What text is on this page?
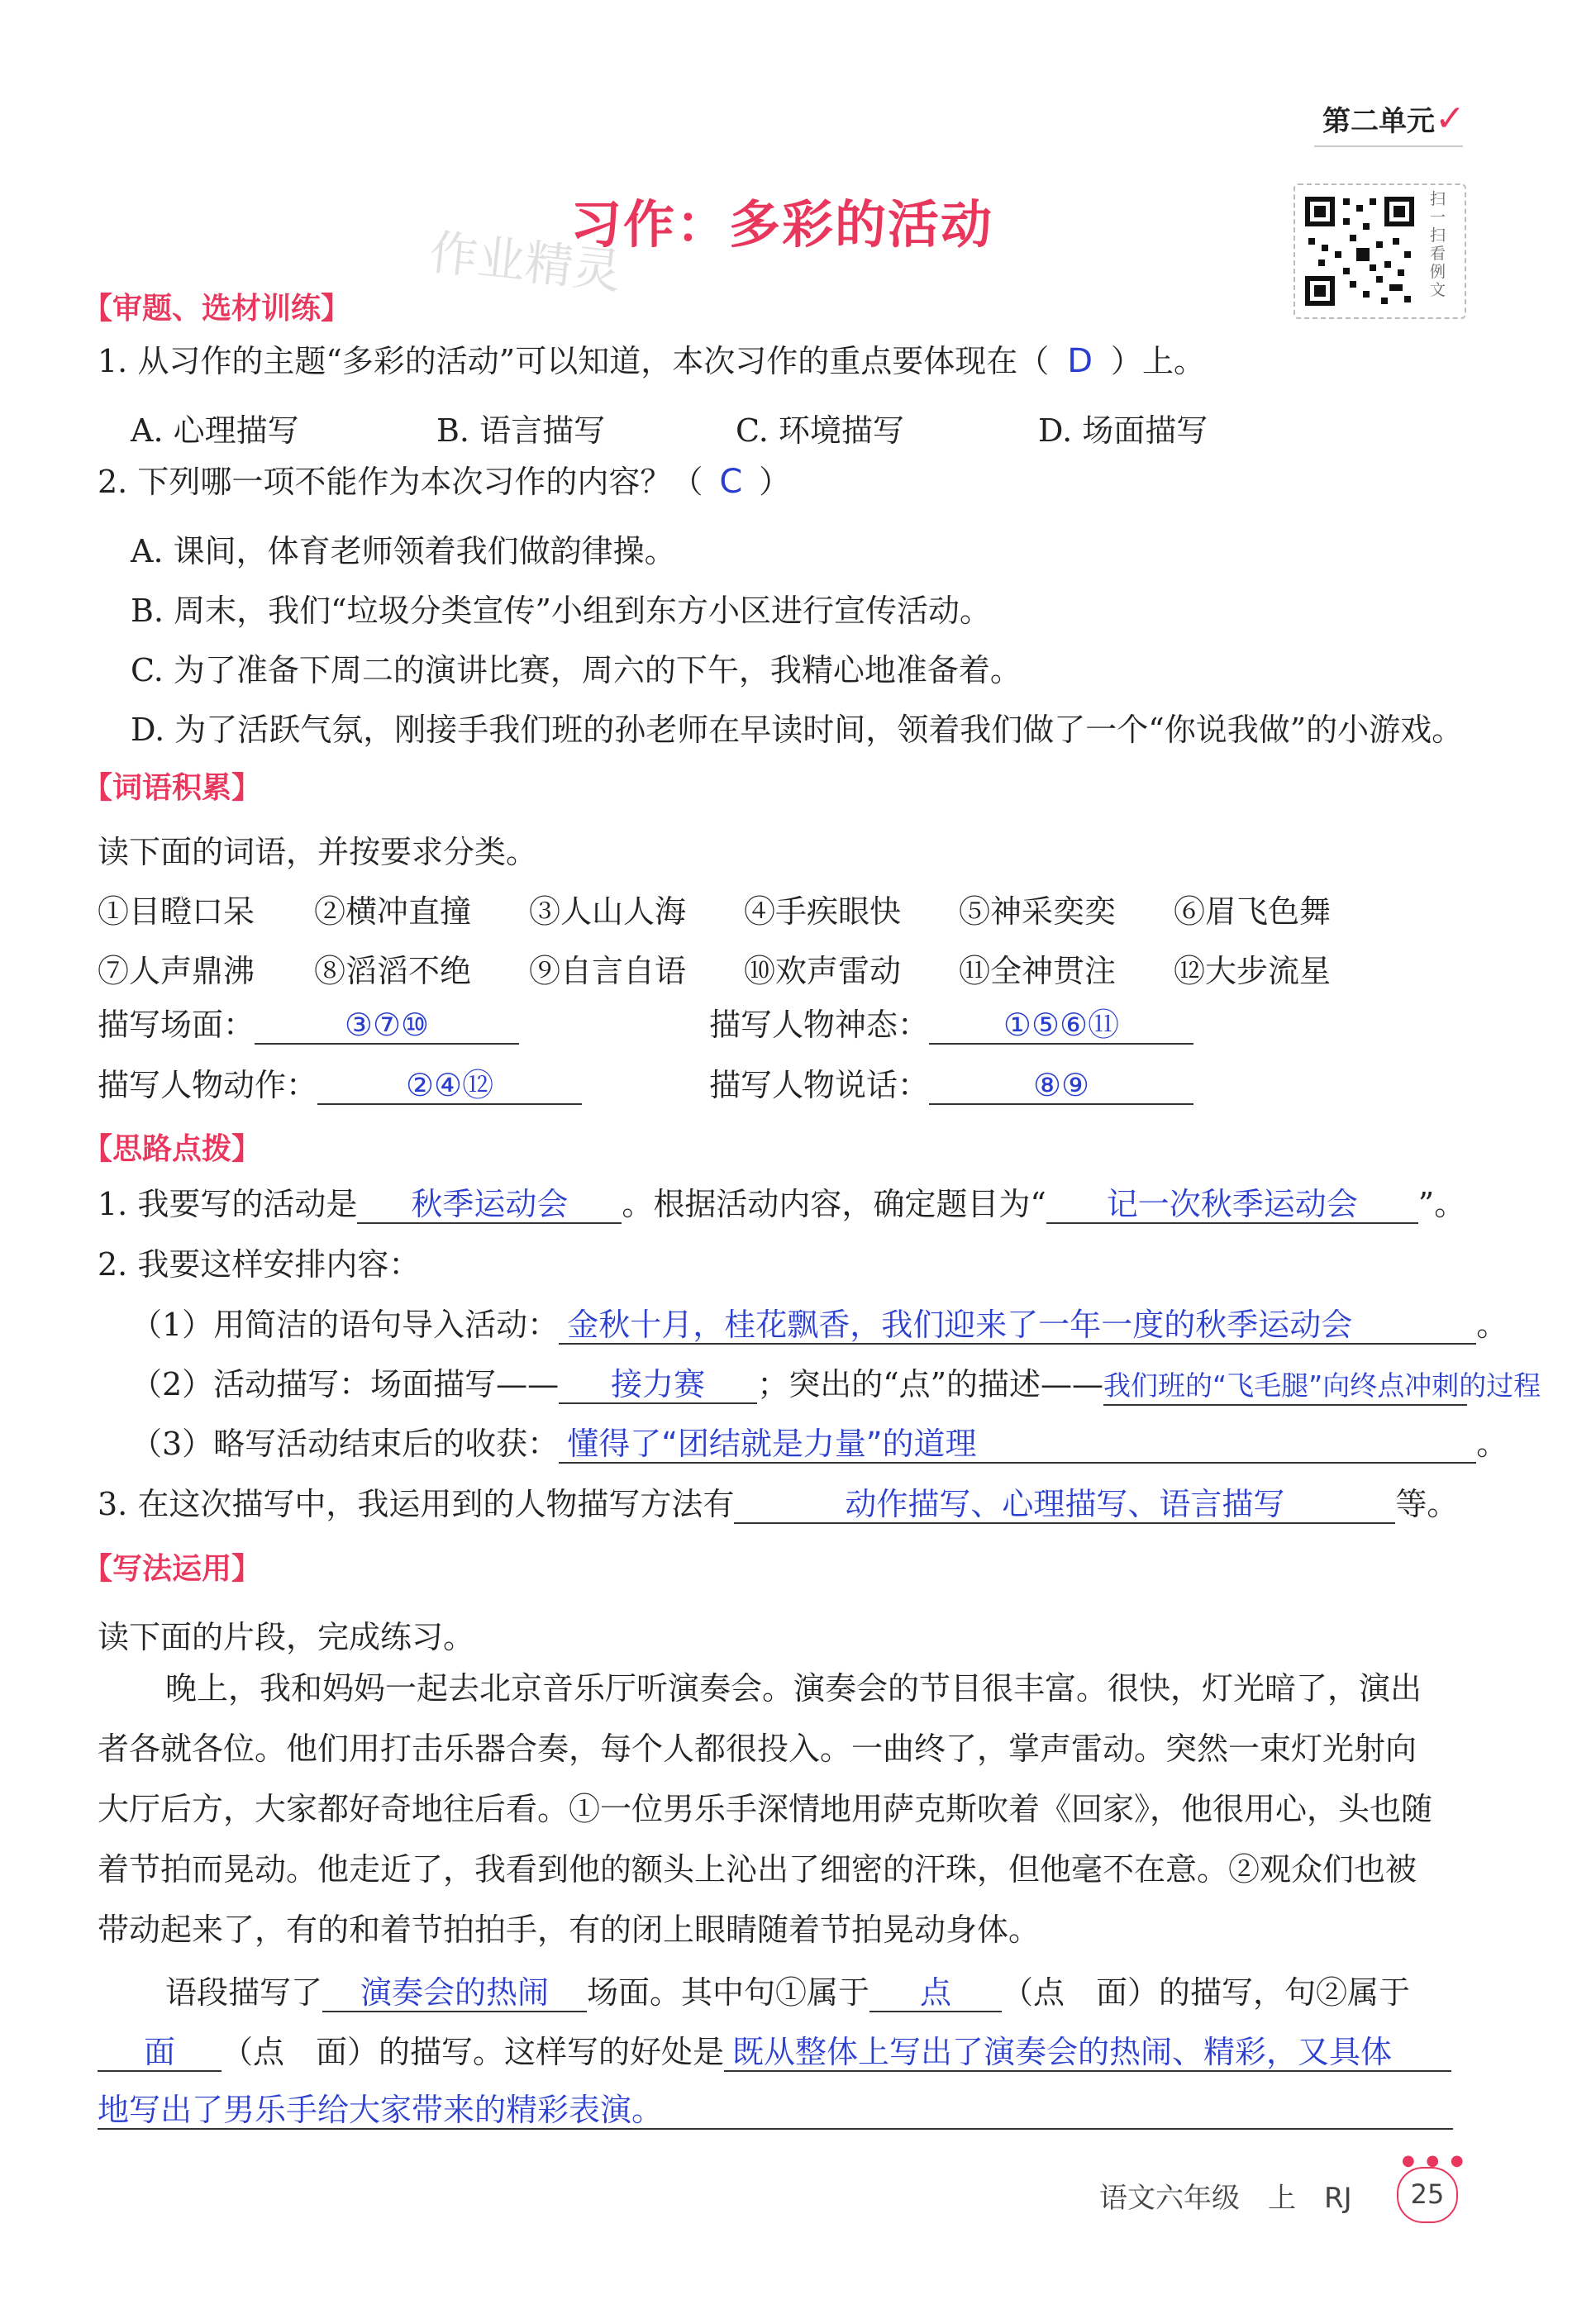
第二单元✓
习作：多彩的活动
作业精灵
扫一扫 看例文
【审题、选材训练】
1. 从习作的主题“多彩的活动”可以知道，本次习作的重点要体现在（ D ）上。
A. 心理描写	B. 语言描写	C. 环境描写	D. 场面描写
2. 下列哪一项不能作为本次习作的内容？（ C ）
A. 课间，体育老师领着我们做韵律操。
B. 周末，我们“垃圾分类宣传”小组到东方小区进行宣传活动。
C. 为了准备下周二的演讲比赛，周六的下午，我精心地准备着。
D. 为了活跃气氛，刚接手我们班的孙老师在早读时间，领着我们做了一个“你说我做”的小游戏。
【词语积累】
读下面的词语，并按要求分类。
①目瞪口呆 ②横冲直撞 ③人山人海 ④手疾眼快 ⑤神采奕奕 ⑥眉飞色舞
⑦人声鼎沸 ⑧滔滔不绝 ⑨自言自语 ⑩欢声雷动 ⑪全神贯注 ⑫大步流星
描写场面：	③⑦⑩	描写人物神态： ①⑤⑥⑪
描写人物动作：	②④⑫	描写人物说话：	⑧⑨
【思路点拨】
1. 我要写的活动是 秋季运动会 。根据活动内容，确定题目为“ 记一次秋季运动会 ”。
2. 我要这样安排内容：
（1）用简洁的语句导入活动： 金秋十月，桂花飘香，我们迎来了一年一度的秋季运动会	。
（2）活动描写：场面描写—— 接力赛 ；突出的“点”的描述——我们班的“飞毛腿”向终点冲刺的过程
（3）略写活动结束后的收获： 懂得了“团结就是力量”的道理	。
3. 在这次描写中，我运用到的人物描写方法有	动作描写、心理描写、语言描写	等。
【写法运用】
读下面的片段，完成练习。
晚上，我和妈妈一起去北京音乐厅听演奏会。演奏会的节目很丰富。很快，灯光暗了，演出
者各就各位。他们用打击乐器合奏，每个人都很投入。一曲终了，掌声雷动。突然一束灯光射向
大厅后方，大家都好奇地往后看。①一位男乐手深情地用萨克斯吹着《回家》，他很用心，头也随
着节拍而晃动。他走近了，我看到他的额头上沁出了细密的汗珠，但他毫不在意。②观众们也被
带动起来了，有的和着节拍拍手，有的闭上眼睛随着节拍晃动身体。
语段描写了 演奏会的热闹 场面。其中句①属于 点 （点　面）的描写，句②属于
面 （点　面）的描写。这样写的好处是 既从整体上写出了演奏会的热闹、精彩，又具体
地写出了男乐手给大家带来的精彩表演。
语文六年级　上　RJ	25
● ● ●
